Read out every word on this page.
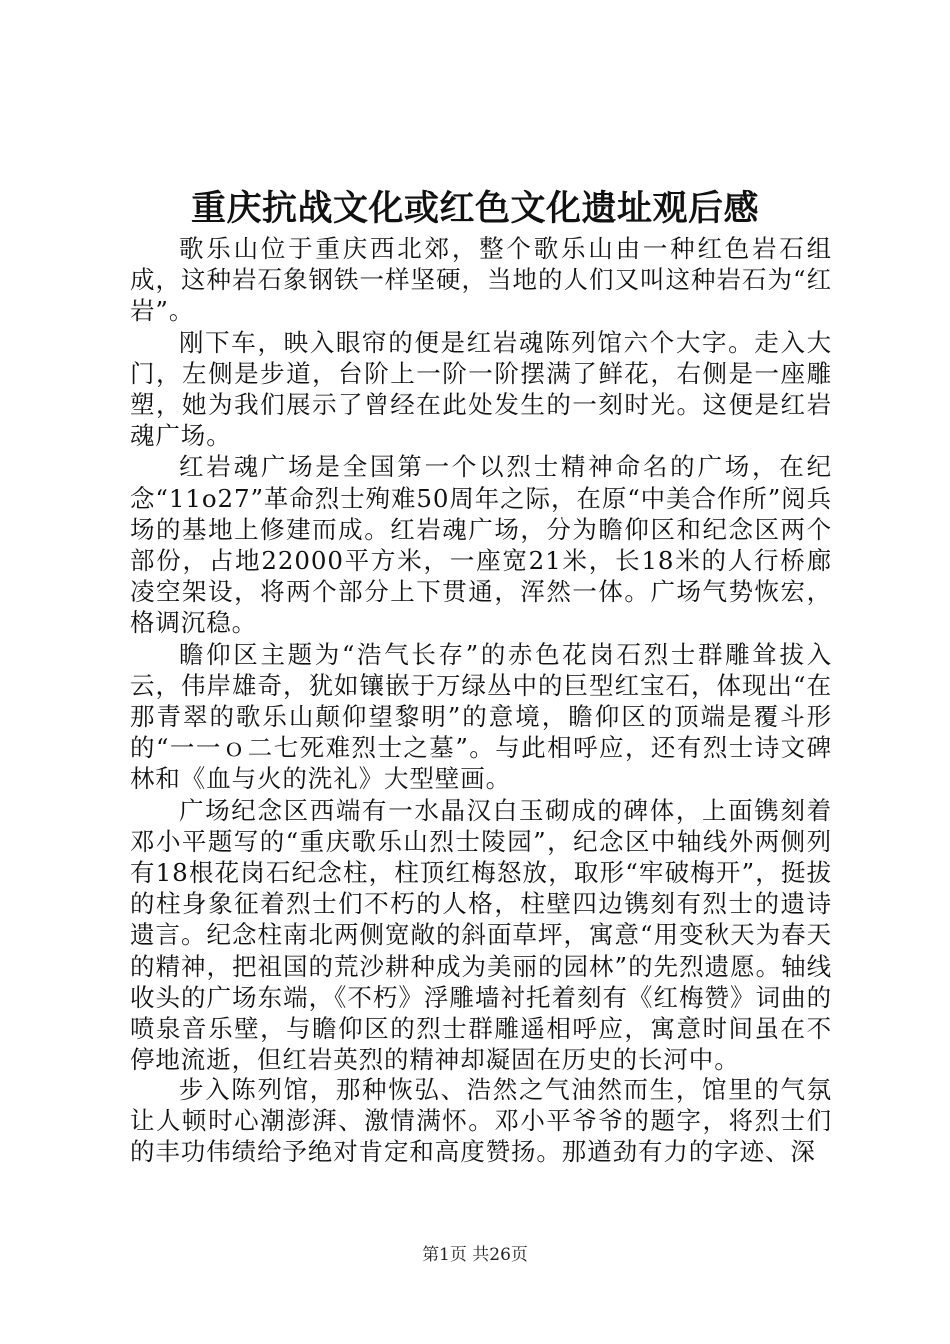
重庆抗战文化或红色文化遗址观后感

歌乐山位于重庆西北郊，整个歌乐山由一种红色岩石组成，这种岩石象钢铁一样坚硬，当地的人们又叫这种岩石为“红岩”。

刚下车，映入眼帘的便是红岩魂陈列馆六个大字。走入大门，左侧是步道，台阶上一阶一阶摆满了鲜花，右侧是一座雕塑，她为我们展示了曾经在此处发生的一刻时光。这便是红岩魂广场。

红岩魂广场是全国第一个以烈士精神命名的广场，在纪念“11o27”革命烈士殉难50周年之际，在原“中美合作所”阅兵场的基地上修建而成。红岩魂广场，分为瞻仰区和纪念区两个部份，占地22000平方米，一座宽21米，长18米的人行桥廊凌空架设，将两个部分上下贯通，浑然一体。广场气势恢宏，格调沉稳。

瞻仰区主题为“浩气长存”的赤色花岗石烈士群雕耸拔入云，伟岸雄奇，犹如镶嵌于万绿丛中的巨型红宝石，体现出“在那青翠的歌乐山颠仰望黎明”的意境，瞻仰区的顶端是覆斗形的“一一ｏ二七死难烈士之墓”。与此相呼应，还有烈士诗文碑林和《血与火的洗礼》大型壁画。

广场纪念区西端有一水晶汉白玉砌成的碑体，上面镌刻着邓小平题写的“重庆歌乐山烈士陵园”，纪念区中轴线外两侧列有18根花岗石纪念柱，柱顶红梅怒放，取形“牢破梅开”，挺拔的柱身象征着烈士们不朽的人格，柱壁四边镌刻有烈士的遗诗遗言。纪念柱南北两侧宽敞的斜面草坪，寓意“用变秋天为春天的精神，把祖国的荒沙耕种成为美丽的园林”的先烈遗愿。轴线收头的广场东端，《不朽》浮雕墙衬托着刻有《红梅赞》词曲的喷泉音乐壁，与瞻仰区的烈士群雕遥相呼应，寓意时间虽在不停地流逝，但红岩英烈的精神却凝固在历史的长河中。

步入陈列馆，那种恢弘、浩然之气油然而生，馆里的气氛让人顿时心潮澎湃、激情满怀。邓小平爷爷的题字，将烈士们的丰功伟绩给予绝对肯定和高度赞扬。那遒劲有力的字迹、深

第1页 共26页
